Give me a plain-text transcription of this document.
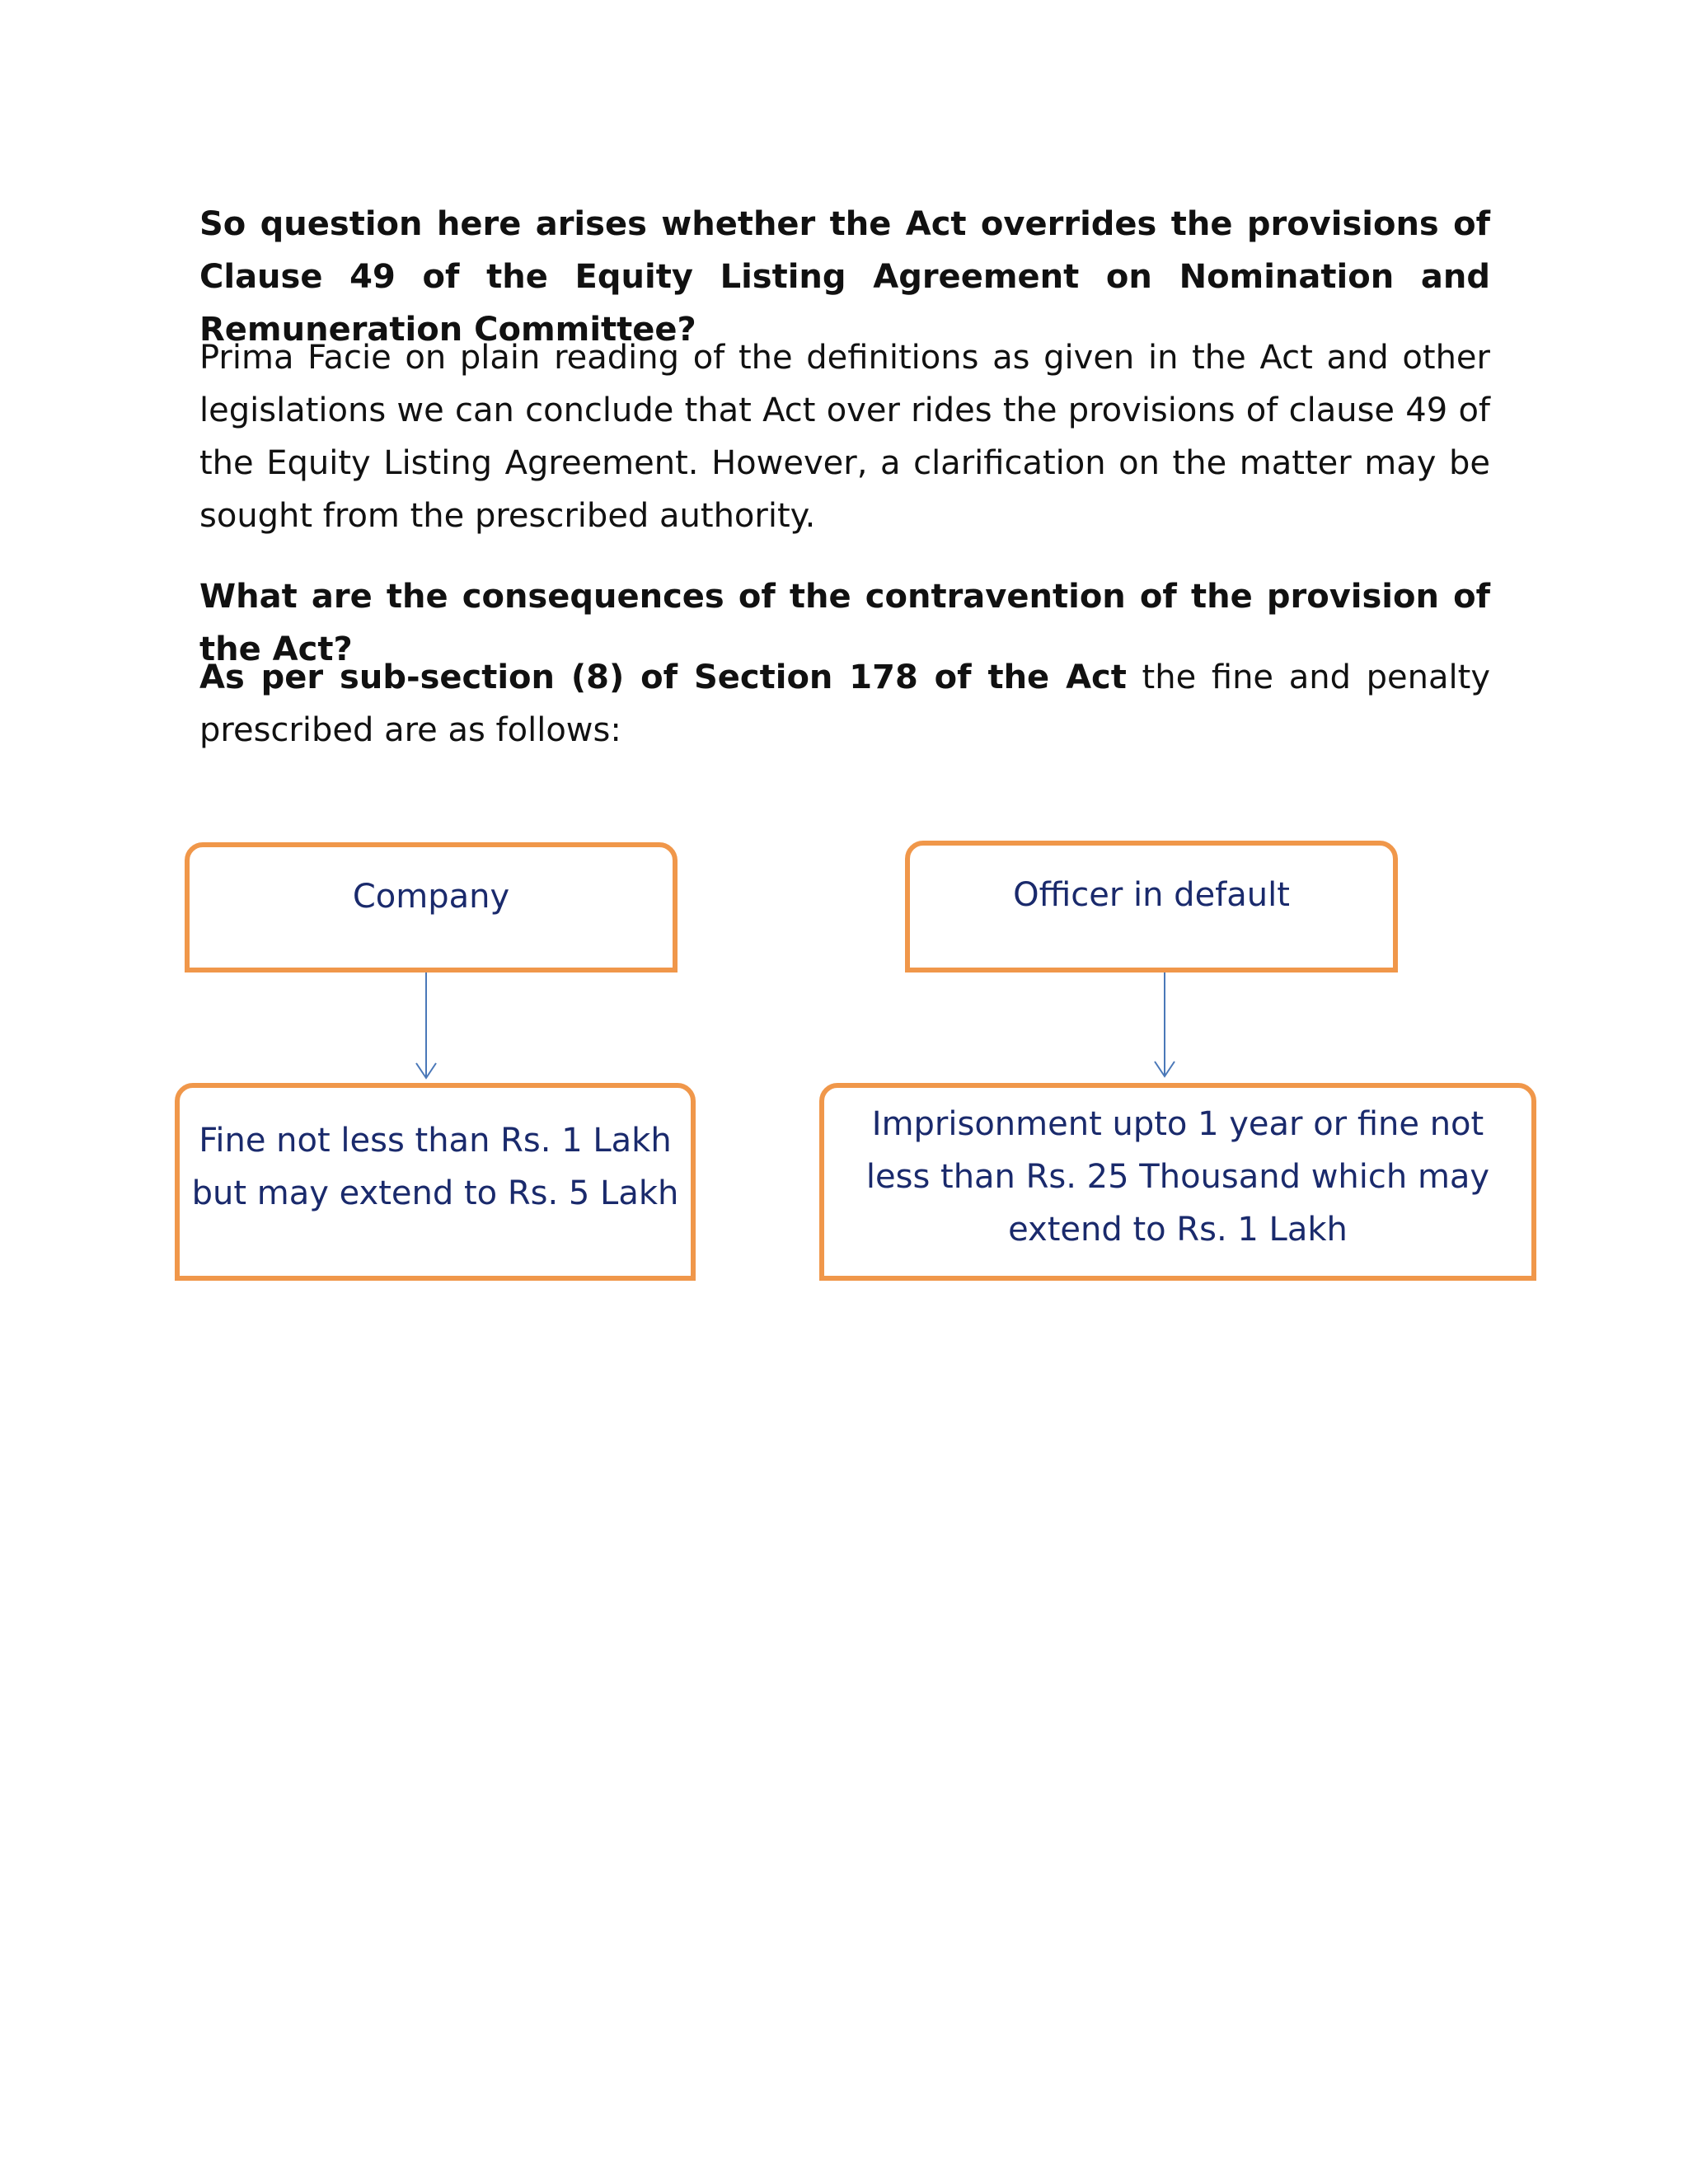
So question here arises whether the Act overrides the provisions of Clause 49 of the Equity Listing Agreement on Nomination and Remuneration Committee?

Prima Facie on plain reading of the definitions as given in the Act and other legislations we can conclude that Act over rides the provisions of clause 49 of the Equity Listing Agreement. However, a clarification on the matter may be sought from the prescribed authority.

What are the consequences of the contravention of the provision of the Act?

As per sub-section (8) of Section 178 of the Act the fine and penalty prescribed are as follows:

Company	Officer in default
Fine not less than Rs. 1 Lakh but may extend to Rs. 5 Lakh
Imprisonment upto 1 year or fine not less than Rs. 25 Thousand which may extend to Rs. 1 Lakh
